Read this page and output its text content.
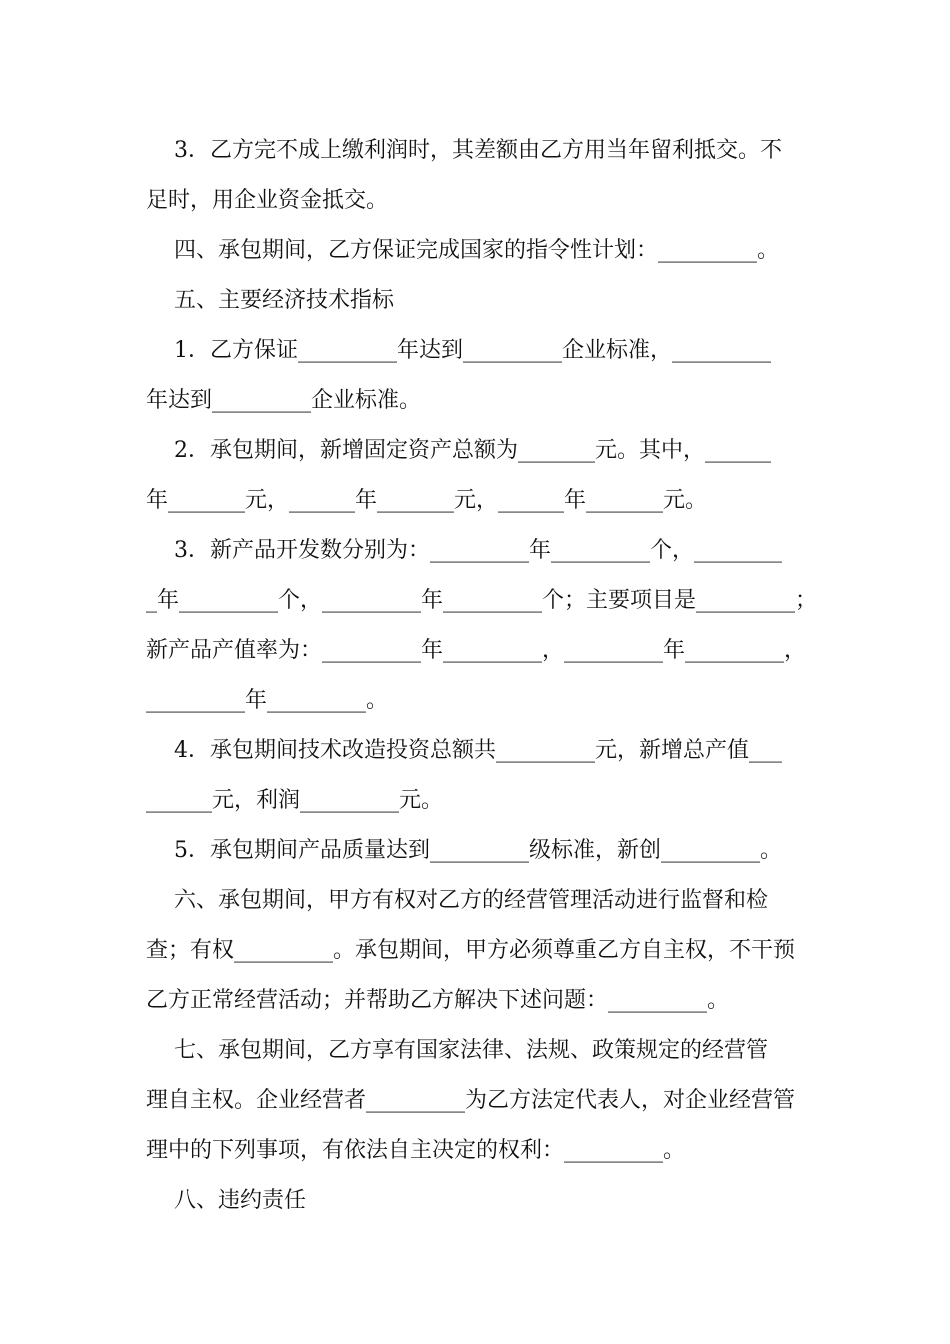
3．乙方完不成上缴利润时，其差额由乙方用当年留利抵交。不
足时，用企业资金抵交。
四、承包期间，乙方保证完成国家的指令性计划：_________。
五、主要经济技术指标
1．乙方保证_________年达到_________企业标准，_________
年达到_________企业标准。
2．承包期间，新增固定资产总额为_______元。其中，______
年_______元，______年_______元，______年_______元。
3．新产品开发数分别为：_________年_________个，________
_年_________个，_________年_________个；主要项目是_________；
新产品产值率为：_________年_________，_________年_________，
_________年_________。
4．承包期间技术改造投资总额共_________元，新增总产值___
______元，利润_________元。
5．承包期间产品质量达到_________级标准，新创_________。
六、承包期间，甲方有权对乙方的经营管理活动进行监督和检
查；有权_________。承包期间，甲方必须尊重乙方自主权，不干预
乙方正常经营活动；并帮助乙方解决下述问题：_________。
七、承包期间，乙方享有国家法律、法规、政策规定的经营管
理自主权。企业经营者_________为乙方法定代表人，对企业经营管
理中的下列事项，有依法自主决定的权利：_________。
八、违约责任
